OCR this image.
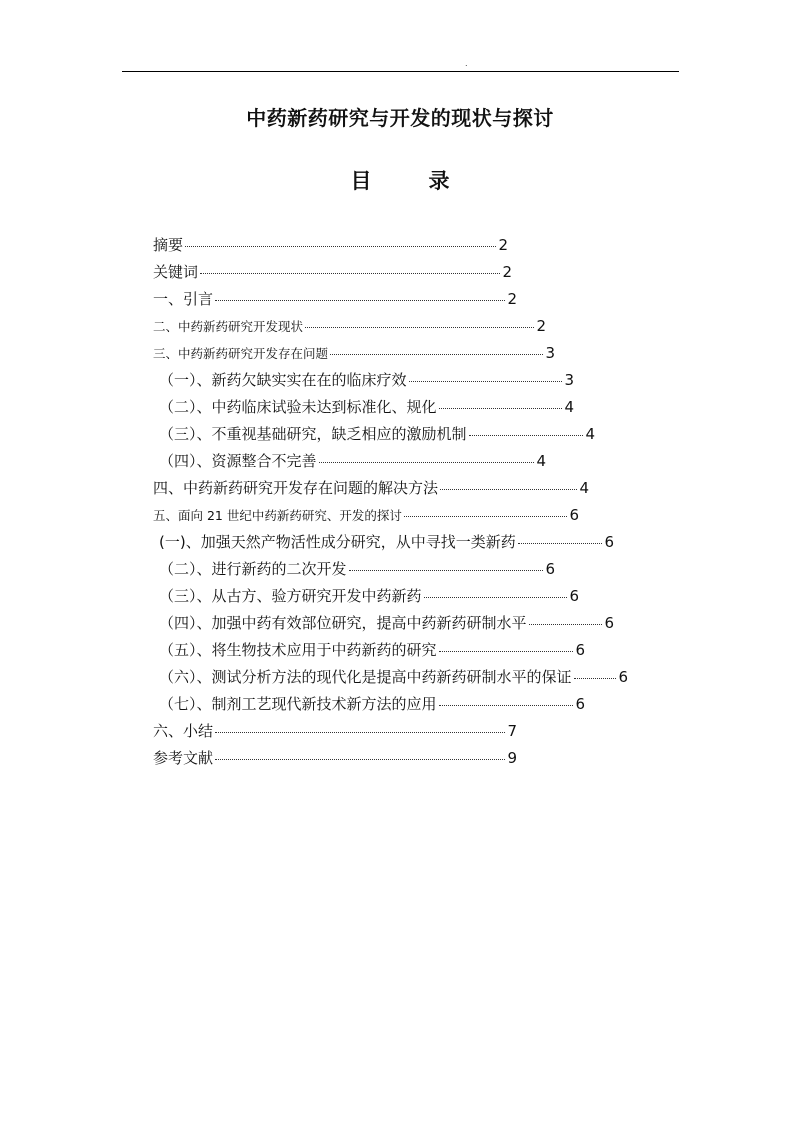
.
中药新药研究与开发的现状与探讨
目　录
摘要	2
关键词	2
一、引言	2
二、中药新药研究开发现状	2
三、中药新药研究开发存在问题	3
（一）、新药欠缺实实在在的临床疗效	3
（二）、中药临床试验未达到标准化、规化	4
（三）、不重视基础研究，缺乏相应的激励机制	4
（四）、资源整合不完善	4
四、中药新药研究开发存在问题的解决方法	4
五、面向 21 世纪中药新药研究、开发的探讨	6
(一)、加强天然产物活性成分研究，从中寻找一类新药	6
（二）、进行新药的二次开发	6
（三）、从古方、验方研究开发中药新药	6
（四）、加强中药有效部位研究，提高中药新药研制水平	6
（五）、将生物技术应用于中药新药的研究	6
（六）、测试分析方法的现代化是提高中药新药研制水平的保证	6
（七）、制剂工艺现代新技术新方法的应用	6
六、小结	7
参考文献	9
